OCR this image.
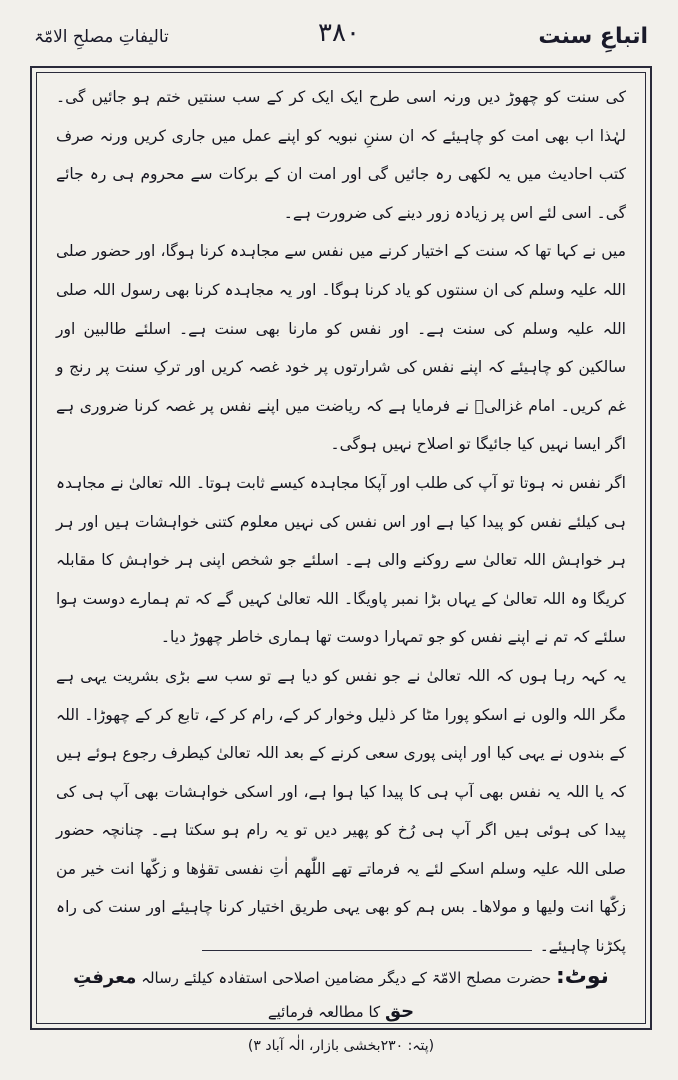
اتباعِ سنت
۳۸۰
تالیفاتِ مصلحِ الامّۃ

کی سنت کو چھوڑ دیں ورنہ اسی طرح ایک ایک کر کے سب سنتیں ختم ہو جائیں گی۔ لہٰذا اب بھی امت کو چاہیئے کہ ان سننِ نبویہ کو اپنے عمل میں جاری کریں ورنہ صرف کتب احادیث میں یہ لکھی رہ جائیں گی اور امت ان کے برکات سے محروم ہی رہ جائے گی۔ اسی لئے اس پر زیادہ زور دینے کی ضرورت ہے۔

میں نے کہا تھا کہ سنت کے اختیار کرنے میں نفس سے مجاہدہ کرنا ہوگا، اور حضور صلی اللہ علیہ وسلم کی ان سنتوں کو یاد کرنا ہوگا۔ اور یہ مجاہدہ کرنا بھی رسول اللہ صلی اللہ علیہ وسلم کی سنت ہے۔ اور نفس کو مارنا بھی سنت ہے۔ اسلئے طالبین اور سالکین کو چاہیئے کہ اپنے نفس کی شرارتوں پر خود غصہ کریں اور ترکِ سنت پر رنج و غم کریں۔ امام غزالیؒ نے فرمایا ہے کہ ریاضت میں اپنے نفس پر غصہ کرنا ضروری ہے اگر ایسا نہیں کیا جائیگا تو اصلاح نہیں ہوگی۔

اگر نفس نہ ہوتا تو آپ کی طلب اور آپکا مجاہدہ کیسے ثابت ہوتا۔ اللہ تعالیٰ نے مجاہدہ ہی کیلئے نفس کو پیدا کیا ہے اور اس نفس کی نہیں معلوم کتنی خواہشات ہیں اور ہر ہر خواہش اللہ تعالیٰ سے روکنے والی ہے۔ اسلئے جو شخص اپنی ہر خواہش کا مقابلہ کریگا وہ اللہ تعالیٰ کے یہاں بڑا نمبر پاویگا۔ اللہ تعالیٰ کہیں گے کہ تم ہمارے دوست ہوا سلئے کہ تم نے اپنے نفس کو جو تمہارا دوست تھا ہماری خاطر چھوڑ دیا۔

یہ کہہ رہا ہوں کہ اللہ تعالیٰ نے جو نفس کو دیا ہے تو سب سے بڑی بشریت یہی ہے مگر اللہ والوں نے اسکو پورا مٹا کر ذلیل وخوار کر کے، رام کر کے، تابع کر کے چھوڑا۔ اللہ کے بندوں نے یہی کیا اور اپنی پوری سعی کرنے کے بعد اللہ تعالیٰ کیطرف رجوع ہوئے ہیں کہ یا اللہ یہ نفس بھی آپ ہی کا پیدا کیا ہوا ہے، اور اسکی خواہشات بھی آپ ہی کی پیدا کی ہوئی ہیں اگر آپ ہی رُخ کو پھیر دیں تو یہ رام ہو سکتا ہے۔ چنانچہ حضور صلی اللہ علیہ وسلم اسکے لئے یہ فرماتے تھے اللّٰھم اٰتِ نفسی تقوٰھا و زکّھا انت خیر من زکّٰھا انت ولیھا و مولاھا۔ بس ہم کو بھی یہی طریق اختیار کرنا چاہیئے اور سنت کی راہ پکڑنا چاہیئے۔

نوٹ: حضرت مصلح الامّۃ کے دیگر مضامین اصلاحی استفادہ کیلئے رسالہ معرفتِ حق کا مطالعہ فرمائیے
(پتہ: ۲۳۰بخشی بازار، الٰہ آباد ۳)
